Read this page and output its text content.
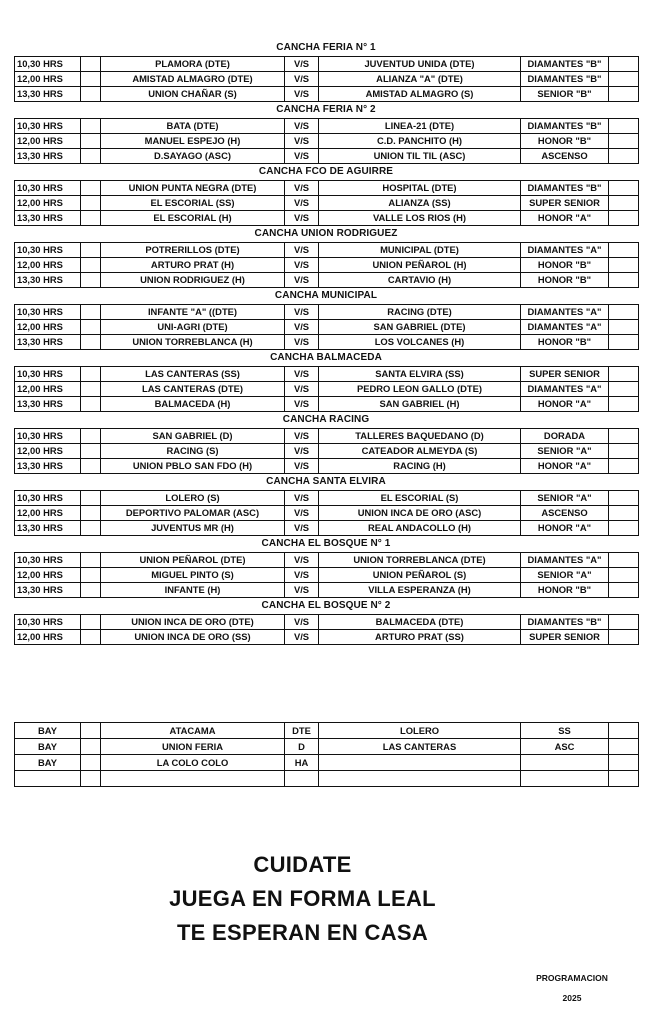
CANCHA FERIA N° 1
10,30 HRS		PLAMORA (DTE)	V/S	JUVENTUD UNIDA (DTE)	DIAMANTES "B"	
12,00 HRS		AMISTAD ALMAGRO (DTE)	V/S	ALIANZA "A" (DTE)	DIAMANTES "B"	
13,30 HRS		UNION CHAÑAR (S)	V/S	AMISTAD ALMAGRO (S)	SENIOR "B"	
CANCHA FERIA N° 2
10,30 HRS		BATA (DTE)	V/S	LINEA-21 (DTE)	DIAMANTES "B"	
12,00 HRS		MANUEL ESPEJO (H)	V/S	C.D. PANCHITO (H)	HONOR "B"	
13,30 HRS		D.SAYAGO (ASC)	V/S	UNION TIL TIL (ASC)	ASCENSO	
CANCHA FCO DE AGUIRRE
10,30 HRS		UNION PUNTA NEGRA (DTE)	V/S	HOSPITAL (DTE)	DIAMANTES "B"	
12,00 HRS		EL ESCORIAL (SS)	V/S	ALIANZA (SS)	SUPER SENIOR	
13,30 HRS		EL ESCORIAL (H)	V/S	VALLE LOS RIOS (H)	HONOR "A"	
CANCHA UNION RODRIGUEZ
10,30 HRS		POTRERILLOS (DTE)	V/S	MUNICIPAL (DTE)	DIAMANTES "A"	
12,00 HRS		ARTURO PRAT (H)	V/S	UNION PEÑAROL (H)	HONOR "B"	
13,30 HRS		UNION RODRIGUEZ (H)	V/S	CARTAVIO (H)	HONOR "B"	
CANCHA MUNICIPAL
10,30 HRS		INFANTE "A" ((DTE)	V/S	RACING (DTE)	DIAMANTES "A"	
12,00 HRS		UNI-AGRI (DTE)	V/S	SAN GABRIEL (DTE)	DIAMANTES "A"	
13,30 HRS		UNION TORREBLANCA (H)	V/S	LOS VOLCANES (H)	HONOR "B"	
CANCHA BALMACEDA
10,30 HRS		LAS CANTERAS (SS)	V/S	SANTA ELVIRA (SS)	SUPER SENIOR	
12,00 HRS		LAS CANTERAS (DTE)	V/S	PEDRO LEON GALLO (DTE)	DIAMANTES "A"	
13,30 HRS		BALMACEDA (H)	V/S	SAN GABRIEL (H)	HONOR "A"	
CANCHA RACING
10,30 HRS		SAN GABRIEL (D)	V/S	TALLERES BAQUEDANO (D)	DORADA	
12,00 HRS		RACING (S)	V/S	CATEADOR ALMEYDA (S)	SENIOR "A"	
13,30 HRS		UNION PBLO SAN FDO (H)	V/S	RACING (H)	HONOR "A"	
CANCHA SANTA ELVIRA
10,30 HRS		LOLERO (S)	V/S	EL ESCORIAL (S)	SENIOR "A"	
12,00 HRS		DEPORTIVO PALOMAR (ASC)	V/S	UNION INCA DE ORO (ASC)	ASCENSO	
13,30 HRS		JUVENTUS MR (H)	V/S	REAL ANDACOLLO (H)	HONOR "A"	
CANCHA EL BOSQUE N° 1
10,30 HRS		UNION PEÑAROL (DTE)	V/S	UNION TORREBLANCA (DTE)	DIAMANTES "A"	
12,00 HRS		MIGUEL PINTO (S)	V/S	UNION PEÑAROL (S)	SENIOR "A"	
13,30 HRS		INFANTE (H)	V/S	VILLA ESPERANZA (H)	HONOR "B"	
CANCHA EL BOSQUE N° 2
10,30 HRS		UNION INCA DE ORO (DTE)	V/S	BALMACEDA (DTE)	DIAMANTES "B"	
12,00 HRS		UNION INCA DE ORO (SS)	V/S	ARTURO PRAT (SS)	SUPER SENIOR	
BAY		ATACAMA	DTE	LOLERO	SS	
BAY		UNION FERIA	D	LAS CANTERAS	ASC	
BAY		LA COLO COLO	HA			

CUIDATE
JUEGA EN FORMA LEAL
TE ESPERAN EN CASA
PROGRAMACION
2025
